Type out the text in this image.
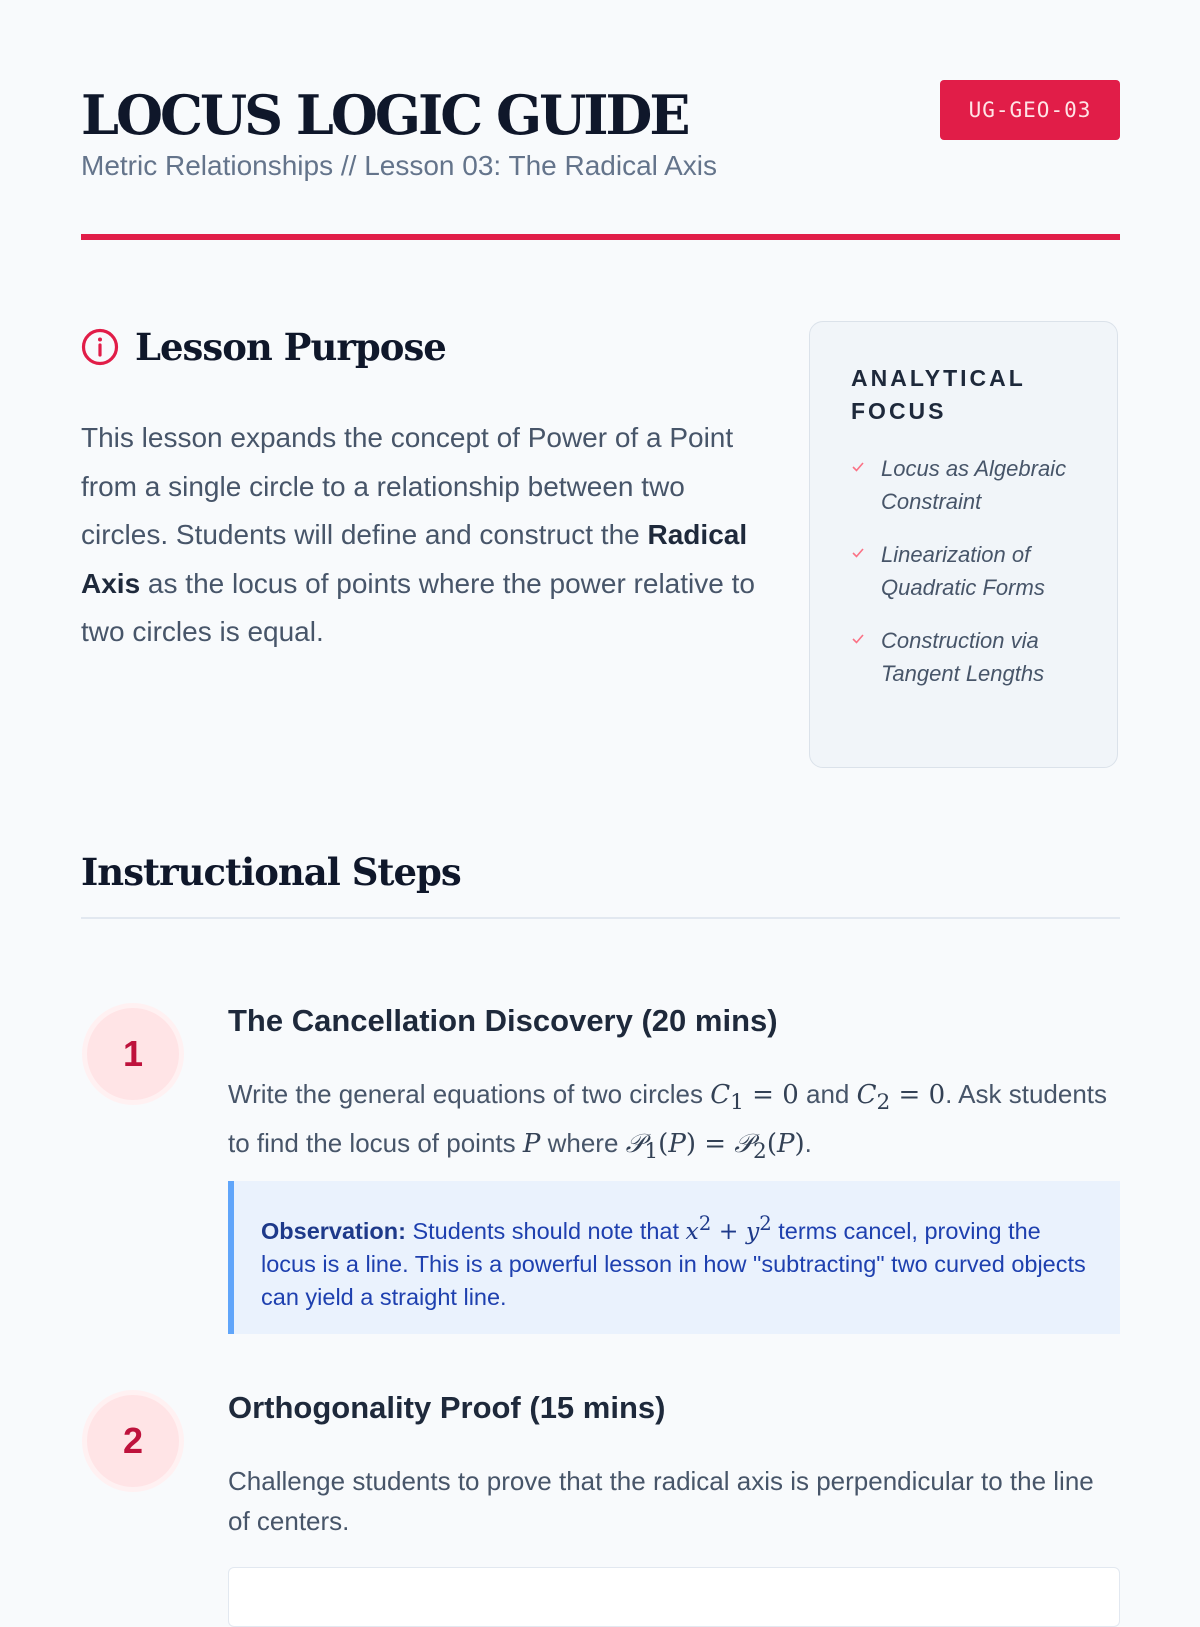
LOCUS LOGIC GUIDE
Metric Relationships // Lesson 03: The Radical Axis
UG-GEO-03
Lesson Purpose

This lesson expands the concept of Power of a Point from a single circle to a relationship between two circles. Students will define and construct the Radical Axis as the locus of points where the power relative to two circles is equal.

ANALYTICAL FOCUS
Locus as Algebraic Constraint
Linearization of Quadratic Forms
Construction via Tangent Lengths
Instructional Steps
1
The Cancellation Discovery (20 mins)

Write the general equations of two circles $C_1 = 0$ and $C_2 = 0$. Ask students to find the locus of points P where 𝒫$_1$(P) = 𝒫$_2$(P).

Observation: Students should note that $x^2 + y^2$ terms cancel, proving the locus is a line. This is a powerful lesson in how "subtracting" two curved objects can yield a straight line.
2
Orthogonality Proof (15 mins)

Challenge students to prove that the radical axis is perpendicular to the line of centers.
